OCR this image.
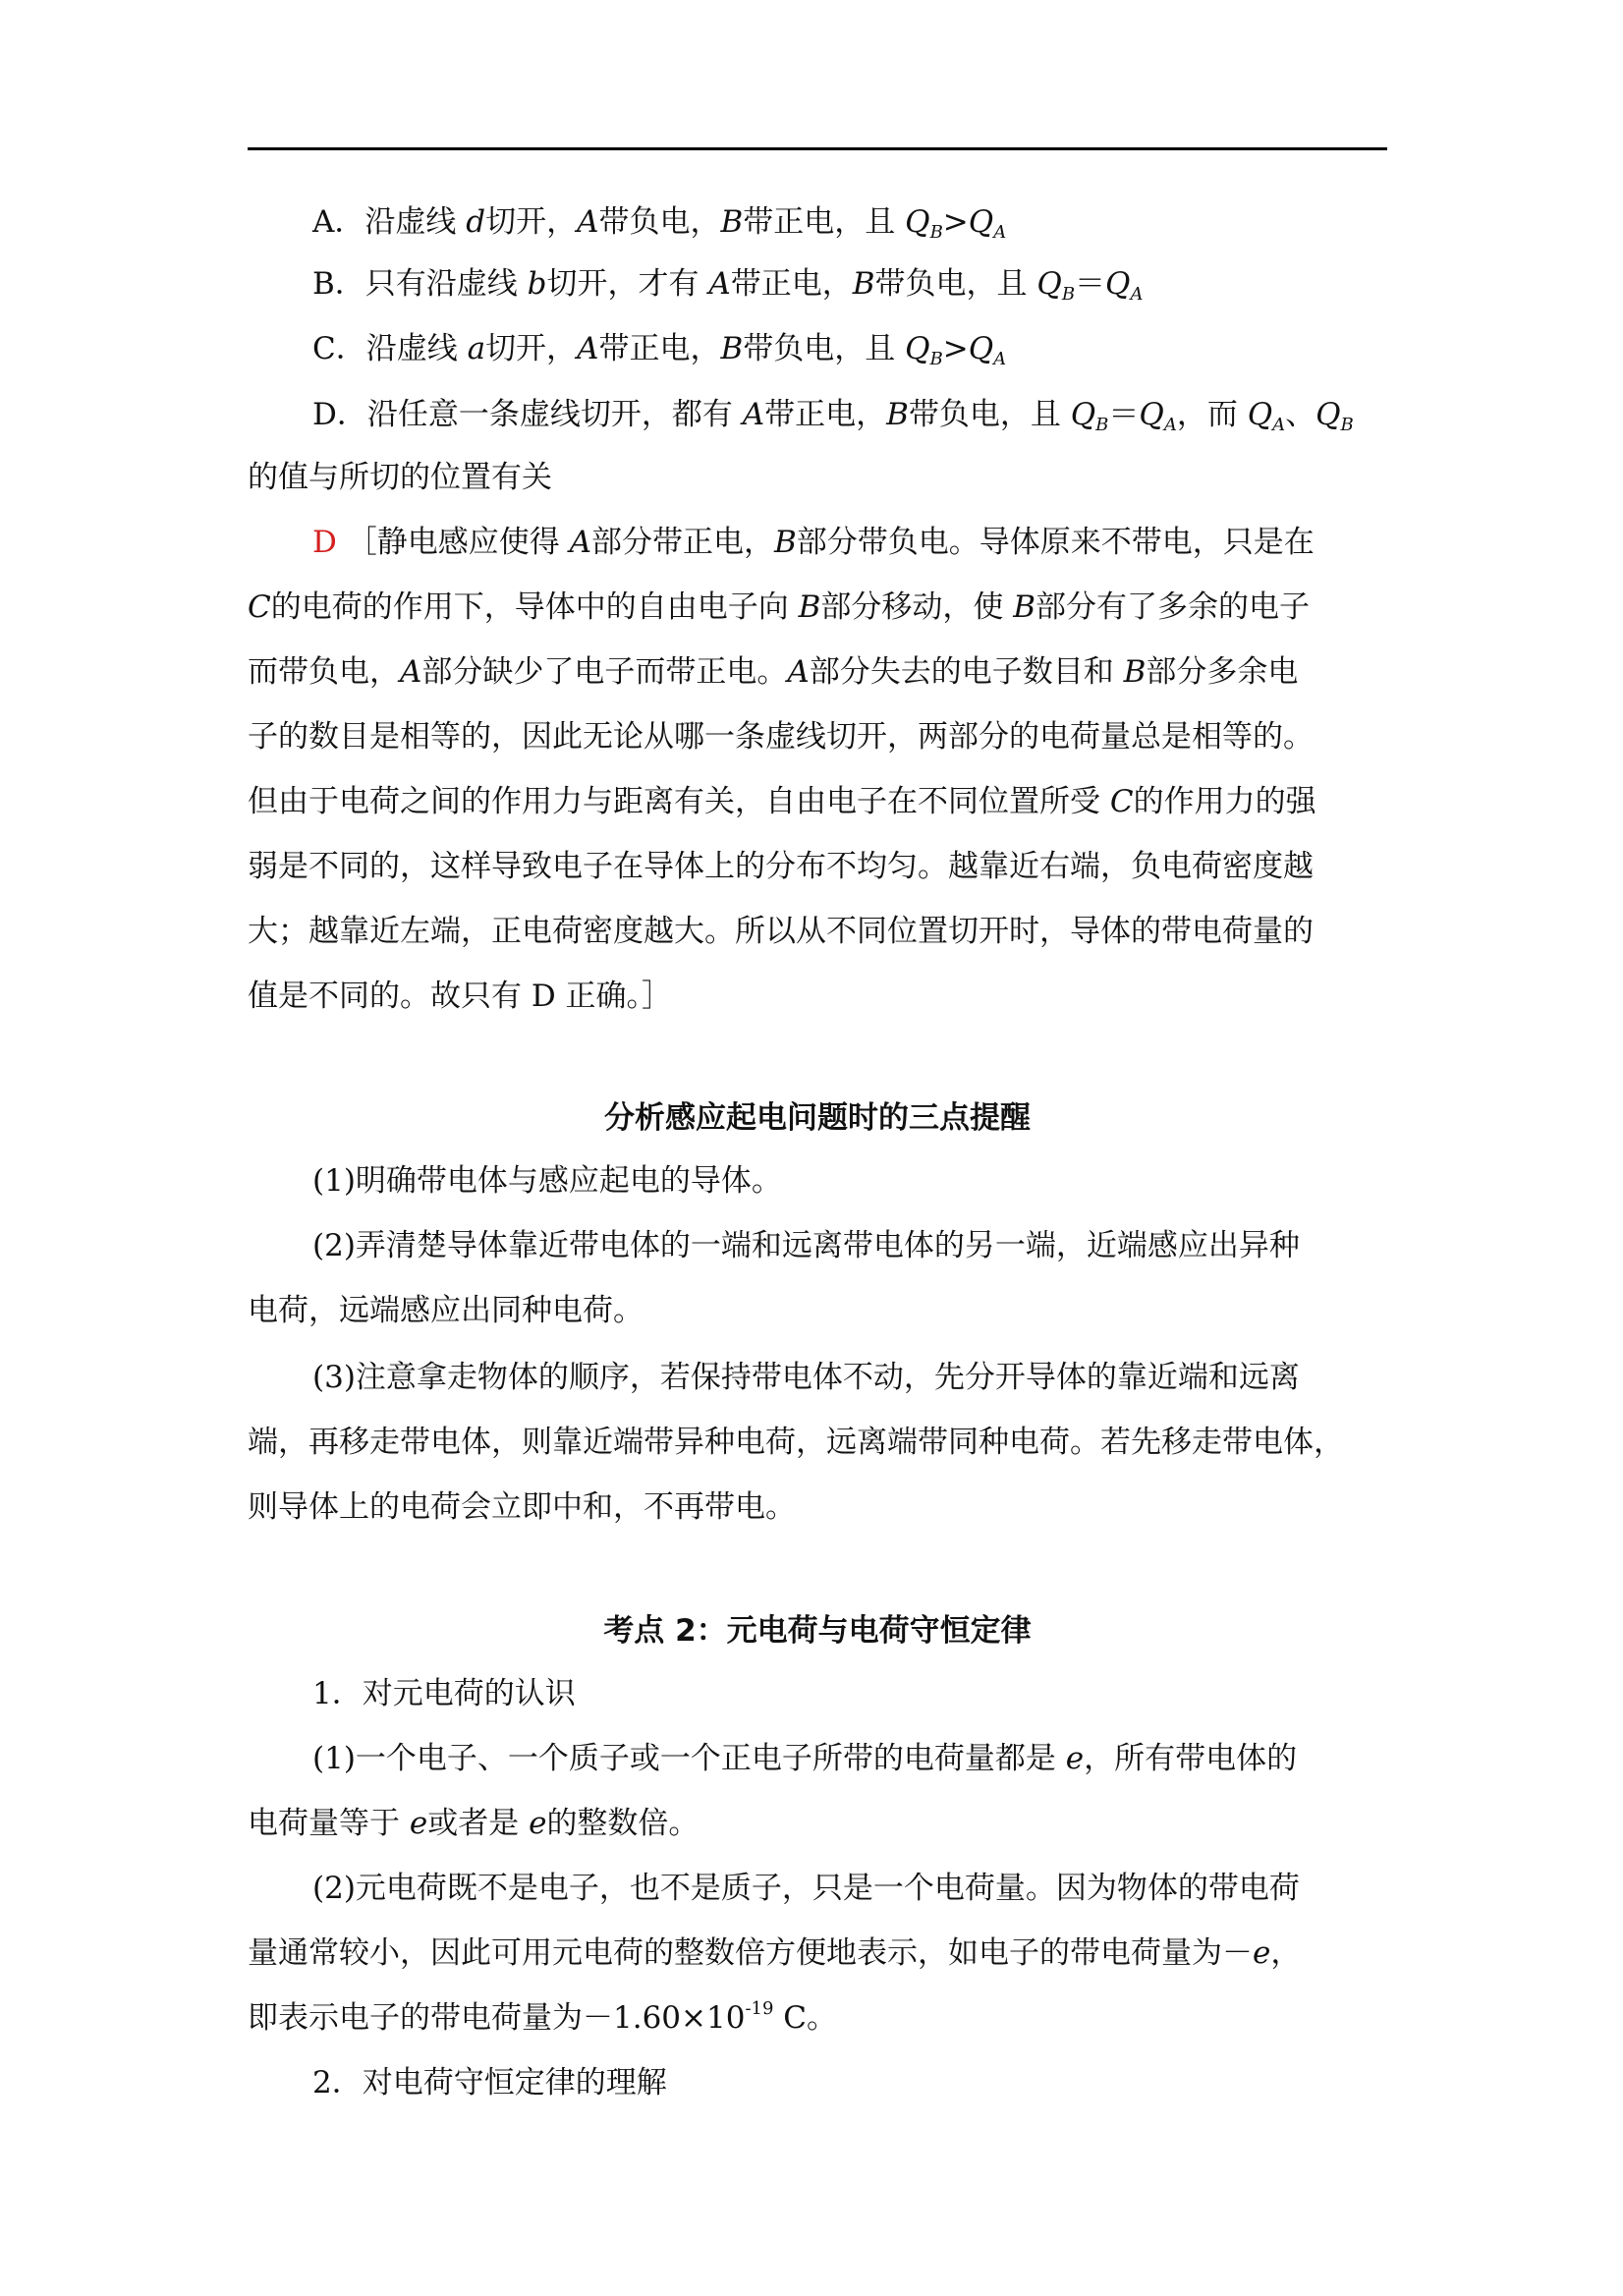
A．沿虚线 d切开，A带负电，B带正电，且 $Q_B>Q_A$
B．只有沿虚线 b切开，才有 A带正电，B带负电，且 $Q_B=Q_A$
C．沿虚线 a切开，A带正电，B带负电，且 $Q_B>Q_A$
D．沿任意一条虚线切开，都有 A带正电，B带负电，且 $Q_B=Q_A$，而 $Q_A$、$Q_B$
的值与所切的位置有关
D ［静电感应使得 A部分带正电，B部分带负电。导体原来不带电，只是在
C的电荷的作用下，导体中的自由电子向 B部分移动，使 B部分有了多余的电子
而带负电，A部分缺少了电子而带正电。A部分失去的电子数目和 B部分多余电
子的数目是相等的，因此无论从哪一条虚线切开，两部分的电荷量总是相等的。
但由于电荷之间的作用力与距离有关，自由电子在不同位置所受 C的作用力的强
弱是不同的，这样导致电子在导体上的分布不均匀。越靠近右端，负电荷密度越
大；越靠近左端，正电荷密度越大。所以从不同位置切开时，导体的带电荷量的
值是不同的。故只有 D 正确。］
分析感应起电问题时的三点提醒
(1)明确带电体与感应起电的导体。
(2)弄清楚导体靠近带电体的一端和远离带电体的另一端，近端感应出异种
电荷，远端感应出同种电荷。
(3)注意拿走物体的顺序，若保持带电体不动，先分开导体的靠近端和远离
端，再移走带电体，则靠近端带异种电荷，远离端带同种电荷。若先移走带电体，
则导体上的电荷会立即中和，不再带电。
考点 2：元电荷与电荷守恒定律
1．对元电荷的认识
(1)一个电子、一个质子或一个正电子所带的电荷量都是 e，所有带电体的
电荷量等于 e或者是 e的整数倍。
(2)元电荷既不是电子，也不是质子，只是一个电荷量。因为物体的带电荷
量通常较小，因此可用元电荷的整数倍方便地表示，如电子的带电荷量为－e，
即表示电子的带电荷量为$-1.60\times 10^{-19}$ C。
2．对电荷守恒定律的理解
